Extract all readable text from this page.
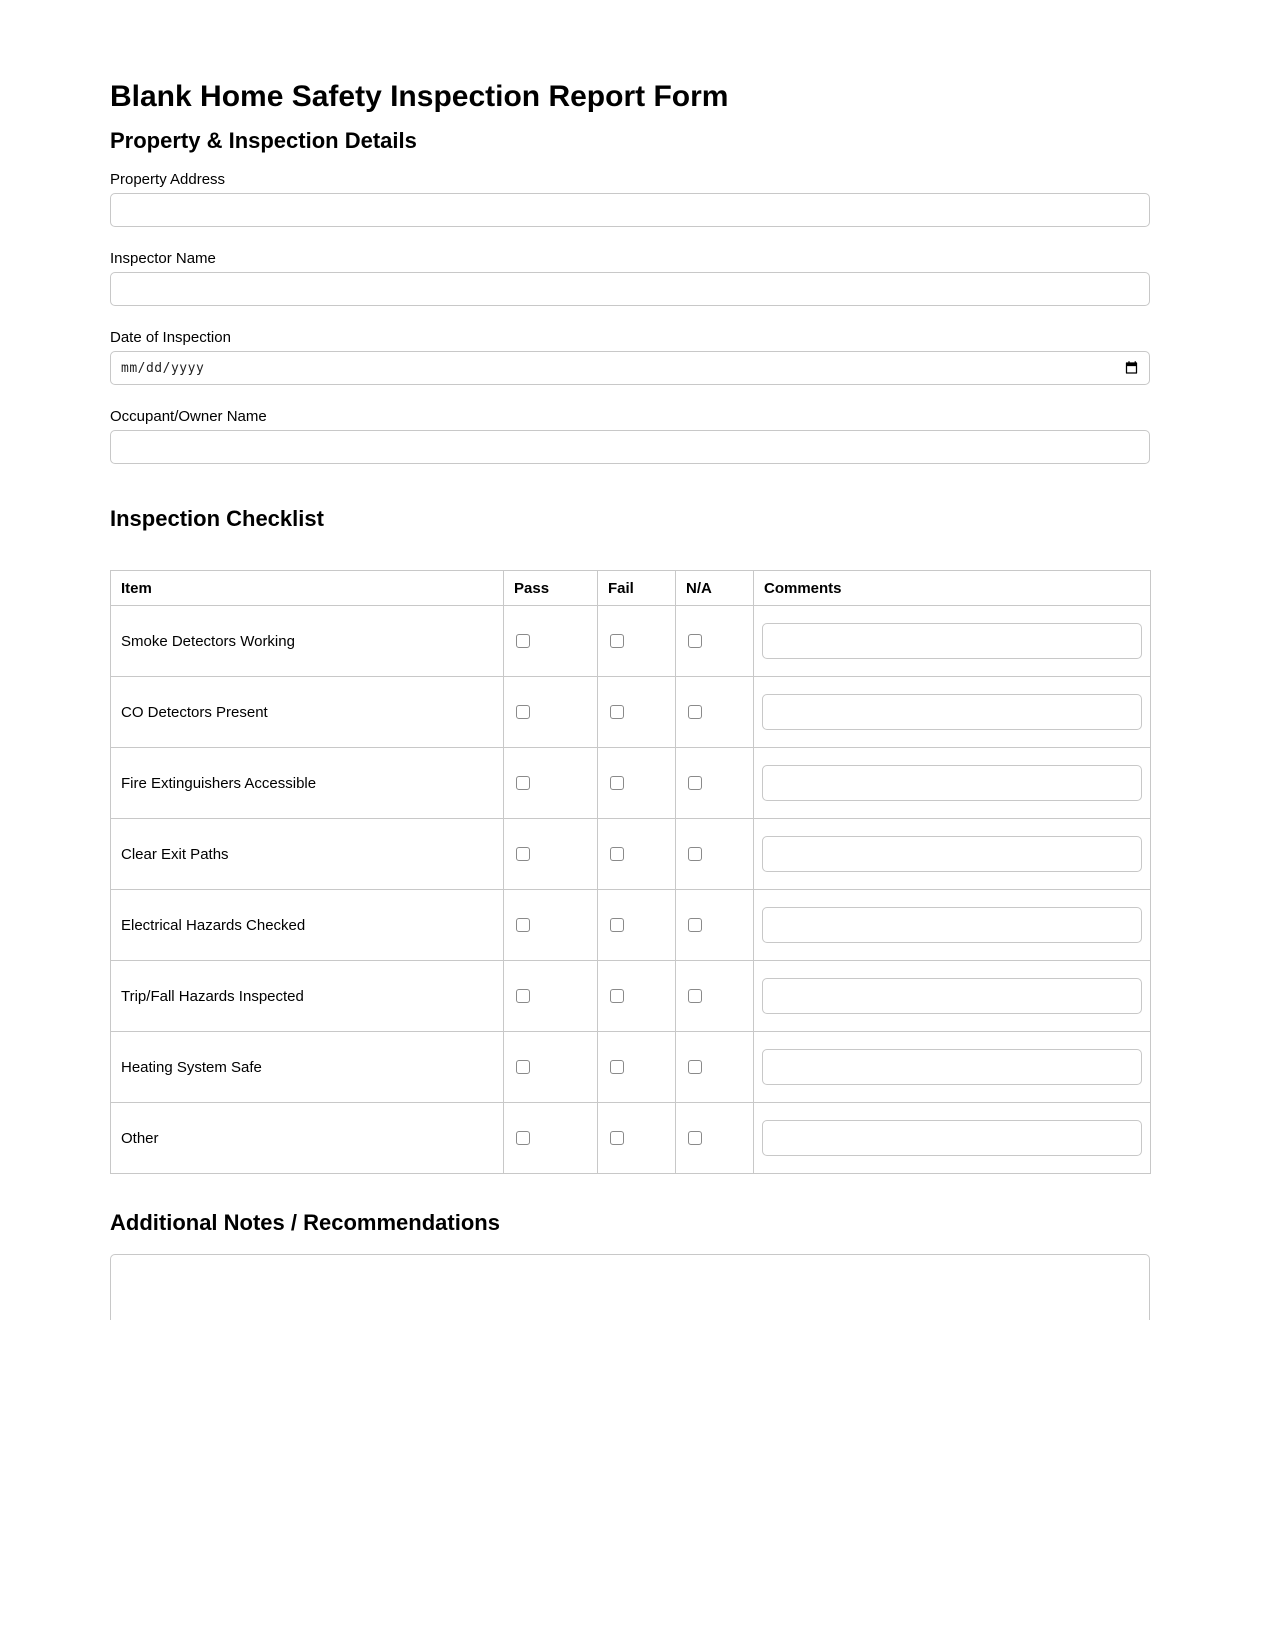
Blank Home Safety Inspection Report Form
Property & Inspection Details
Property Address
Inspector Name
Date of Inspection
mm/dd/yyyy
Occupant/Owner Name
Inspection Checklist
Item	Pass	Fail	N/A	Comments
Smoke Detectors Working				

CO Detectors Present				

Fire Extinguishers Accessible				

Clear Exit Paths				

Electrical Hazards Checked				

Trip/Fall Hazards Inspected				

Heating System Safe				

Other				
Additional Notes / Recommendations
